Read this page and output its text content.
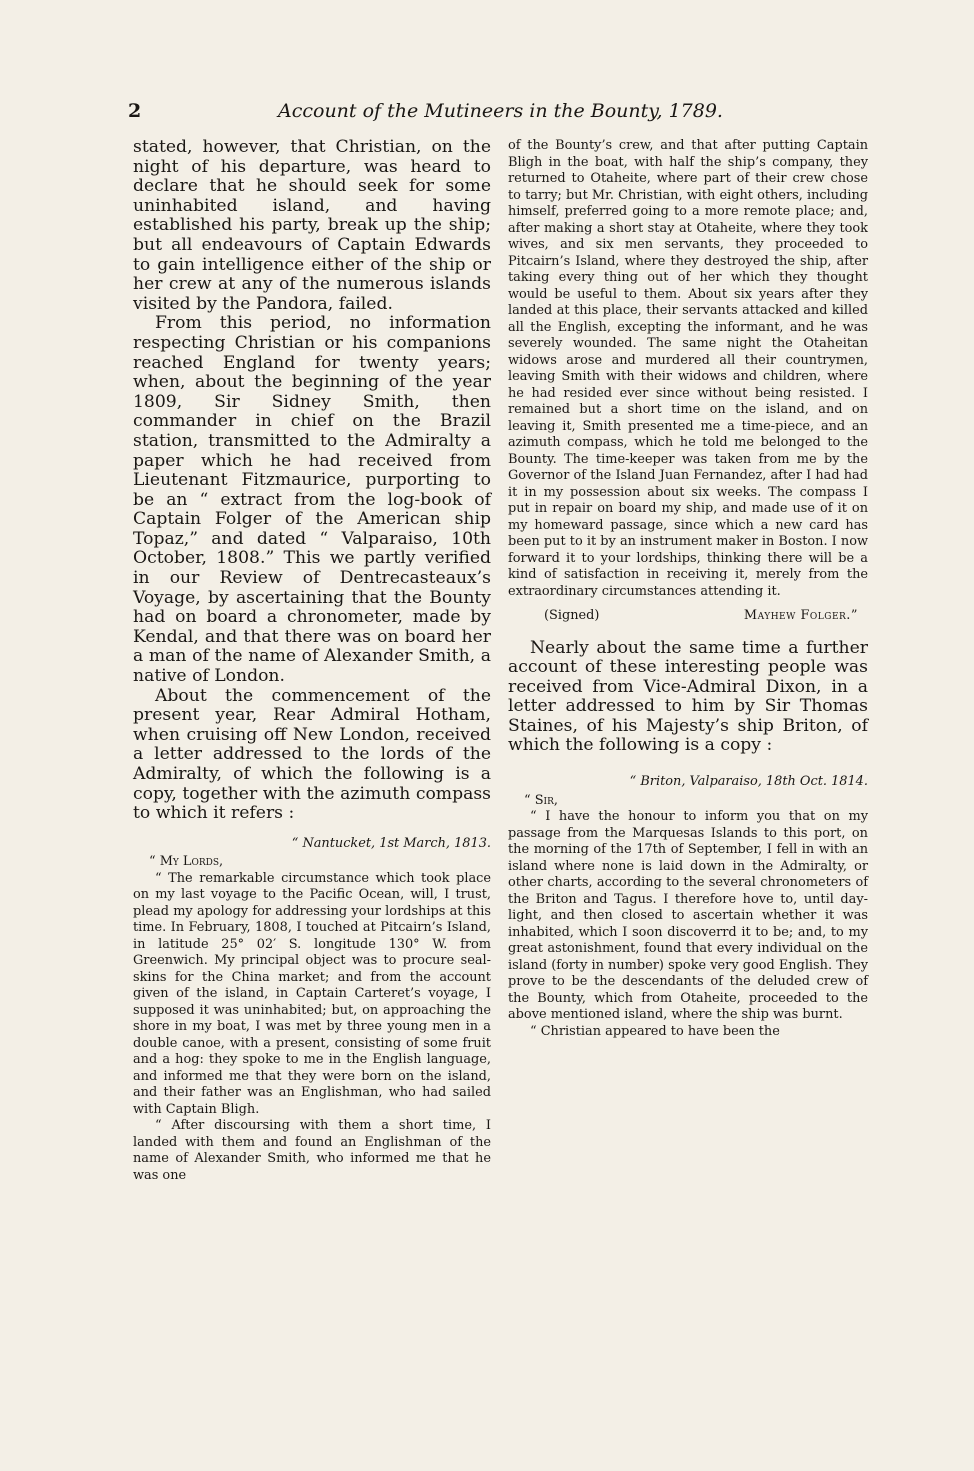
2	Account of the Mutineers in the Bounty, 1789.

stated, however, that Christian, on the night of his departure, was heard to declare that he should seek for some uninhabited island, and having established his party, break up the ship; but all endeavours of Captain Edwards to gain intelligence either of the ship or her crew at any of the numerous islands visited by the Pandora, failed.

From this period, no information respecting Christian or his companions reached England for twenty years; when, about the beginning of the year 1809, Sir Sidney Smith, then commander in chief on the Brazil station, transmitted to the Admiralty a paper which he had received from Lieutenant Fitzmaurice, purporting to be an “ extract from the log-book of Captain Folger of the American ship Topaz,” and dated “ Valparaiso, 10th October, 1808.” This we partly verified in our Review of Dentrecasteaux’s Voyage, by ascertaining that the Bounty had on board a chronometer, made by Kendal, and that there was on board her a man of the name of Alexander Smith, a native of London.

About the commencement of the present year, Rear Admiral Hotham, when cruising off New London, received a letter addressed to the lords of the Admiralty, of which the following is a copy, together with the azimuth compass to which it refers :

“ Nantucket, 1st March, 1813.

“ My Lords,

“ The remarkable circumstance which took place on my last voyage to the Pacific Ocean, will, I trust, plead my apology for addressing your lordships at this time. In February, 1808, I touched at Pitcairn’s Island, in latitude 25° 02′ S. longitude 130° W. from Greenwich. My principal object was to procure seal-skins for the China market; and from the account given of the island, in Captain Carteret’s voyage, I supposed it was uninhabited; but, on approaching the shore in my boat, I was met by three young men in a double canoe, with a present, consisting of some fruit and a hog: they spoke to me in the English language, and informed me that they were born on the island, and their father was an Englishman, who had sailed with Captain Bligh.

“ After discoursing with them a short time, I landed with them and found an Englishman of the name of Alexander Smith, who informed me that he was one

of the Bounty’s crew, and that after putting Captain Bligh in the boat, with half the ship’s company, they returned to Otaheite, where part of their crew chose to tarry; but Mr. Christian, with eight others, including himself, preferred going to a more remote place; and, after making a short stay at Otaheite, where they took wives, and six men servants, they proceeded to Pitcairn’s Island, where they destroyed the ship, after taking every thing out of her which they thought would be useful to them. About six years after they landed at this place, their servants attacked and killed all the English, excepting the informant, and he was severely wounded. The same night the Otaheitan widows arose and murdered all their countrymen, leaving Smith with their widows and children, where he had resided ever since without being resisted. I remained but a short time on the island, and on leaving it, Smith presented me a time-piece, and an azimuth compass, which he told me belonged to the Bounty. The time-keeper was taken from me by the Governor of the Island Juan Fernandez, after I had had it in my possession about six weeks. The compass I put in repair on board my ship, and made use of it on my homeward passage, since which a new card has been put to it by an instrument maker in Boston. I now forward it to your lordships, thinking there will be a kind of satisfaction in receiving it, merely from the extraordinary circumstances attending it.

(Signed)	Mayhew Folger.”

Nearly about the same time a further account of these interesting people was received from Vice-Admiral Dixon, in a letter addressed to him by Sir Thomas Staines, of his Majesty’s ship Briton, of which the following is a copy :

“ Briton, Valparaiso, 18th Oct. 1814.

“ Sir,

“ I have the honour to inform you that on my passage from the Marquesas Islands to this port, on the morning of the 17th of September, I fell in with an island where none is laid down in the Admiralty, or other charts, according to the several chronometers of the Briton and Tagus. I therefore hove to, until day-light, and then closed to ascertain whether it was inhabited, which I soon discoverrd it to be; and, to my great astonishment, found that every individual on the island (forty in number) spoke very good English. They prove to be the descendants of the deluded crew of the Bounty, which from Otaheite, proceeded to the above mentioned island, where the ship was burnt.

“ Christian appeared to have been the
